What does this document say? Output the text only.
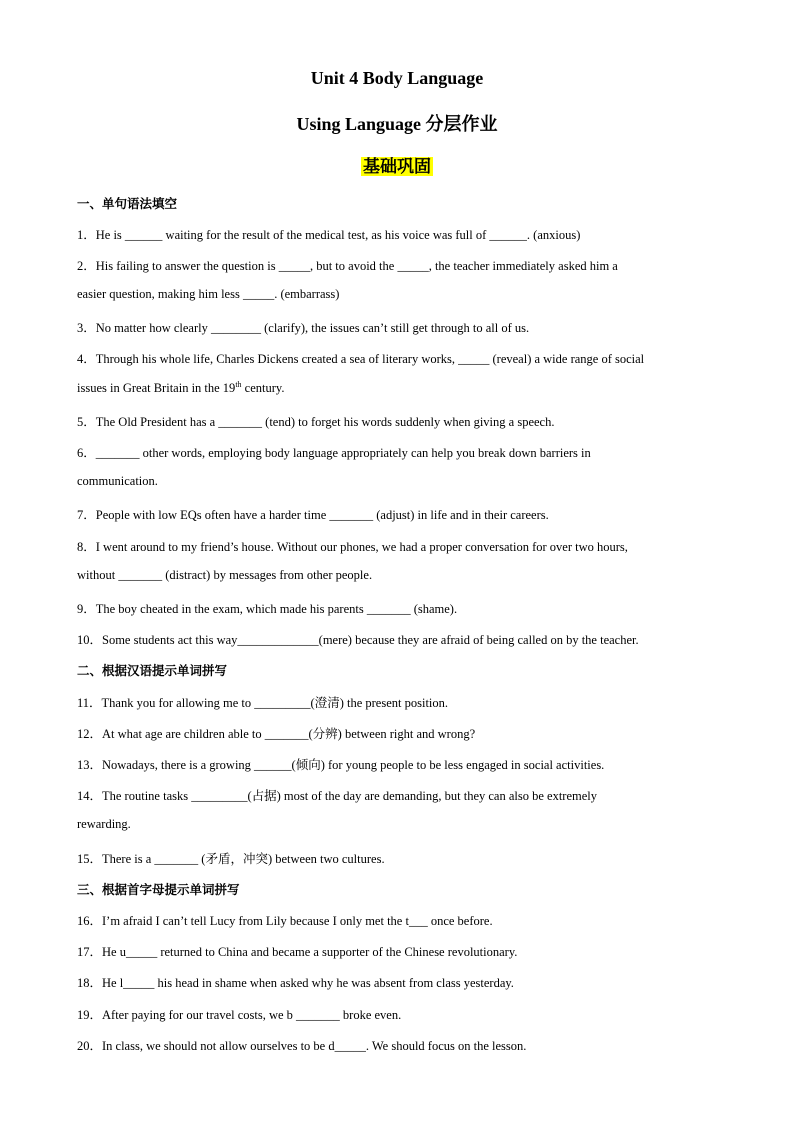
Unit 4 Body Language
Using Language 分层作业
基础巩固
一、单句语法填空
1．He is ______ waiting for the result of the medical test, as his voice was full of ______. (anxious)
2．His failing to answer the question is _____, but to avoid the _____, the teacher immediately asked him a
easier question, making him less _____. (embarrass)
3．No matter how clearly ________ (clarify), the issues can’t still get through to all of us.
4．Through his whole life, Charles Dickens created a sea of literary works, _____ (reveal) a wide range of social
issues in Great Britain in the 19th century.
5．The Old President has a _______ (tend) to forget his words suddenly when giving a speech.
6．_______ other words, employing body language appropriately can help you break down barriers in
communication.
7．People with low EQs often have a harder time _______ (adjust) in life and in their careers.
8．I went around to my friend’s house. Without our phones, we had a proper conversation for over two hours,
without _______ (distract) by messages from other people.
9．The boy cheated in the exam, which made his parents _______ (shame).
10．Some students act this way_____________(mere) because they are afraid of being called on by the teacher.
二、根据汉语提示单词拼写
11．Thank you for allowing me to _________(澄清) the present position.
12．At what age are children able to _______(分辨) between right and wrong?
13．Nowadays, there is a growing ______(倾向) for young people to be less engaged in social activities.
14．The routine tasks _________(占据) most of the day are demanding, but they can also be extremely
rewarding.
15．There is a _______ (矛盾，冲突) between two cultures.
三、根据首字母提示单词拼写
16．I’m afraid I can’t tell Lucy from Lily because I only met the t___ once before.
17．He u_____ returned to China and became a supporter of the Chinese revolutionary.
18．He l_____ his head in shame when asked why he was absent from class yesterday.
19．After paying for our travel costs, we b _______ broke even.
20．In class, we should not allow ourselves to be d_____. We should focus on the lesson.
